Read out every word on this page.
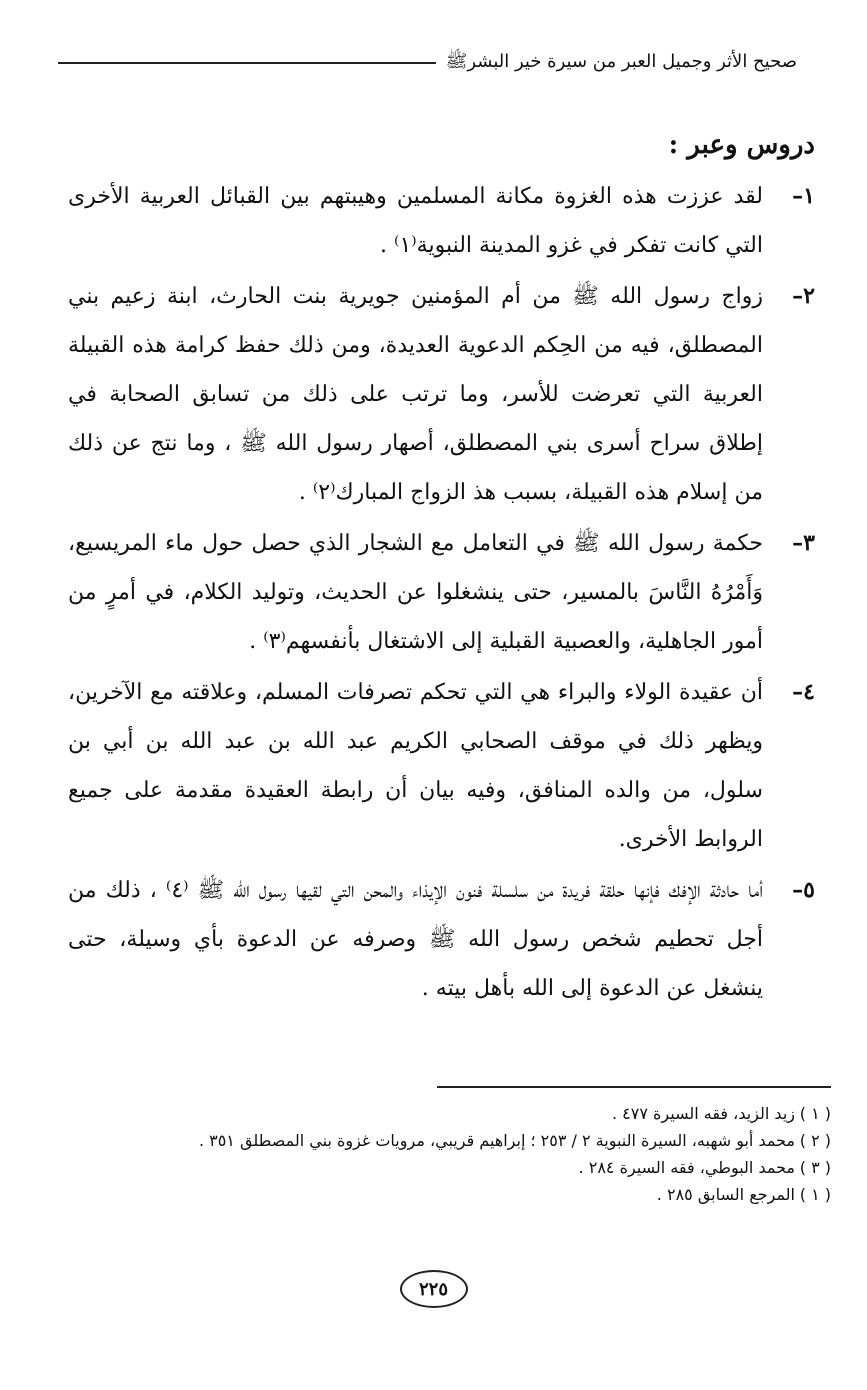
صحيح الأثر وجميل العبر من سيرة خير البشرﷺ
دروس وعبر :
١–
لقد عززت هذه الغزوة مكانة المسلمين وهيبتهم بين القبائل العربية الأخرى التي كانت تفكر في غزو المدينة النبوية⁽١⁾ .
٢–
زواج رسول الله ﷺ من أم المؤمنين جويرية بنت الحارث، ابنة زعيم بني المصطلق، فيه من الحِكم الدعوية العديدة، ومن ذلك حفظ كرامة هذه القبيلة العربية التي تعرضت للأسر، وما ترتب على ذلك من تسابق الصحابة في إطلاق سراح أسرى بني المصطلق، أصهار رسول الله ﷺ ، وما نتج عن ذلك من إسلام هذه القبيلة، بسبب هذ الزواج المبارك⁽٢⁾ .
٣–
حكمة رسول الله ﷺ في التعامل مع الشجار الذي حصل حول ماء المريسيع، وَأَمْرُهُ النَّاسَ بالمسير، حتى ينشغلوا عن الحديث، وتوليد الكلام، في أمرٍ من أمور الجاهلية، والعصبية القبلية إلى الاشتغال بأنفسهم⁽٣⁾ .
٤–
أن عقيدة الولاء والبراء هي التي تحكم تصرفات المسلم، وعلاقته مع الآخرين، ويظهر ذلك في موقف الصحابي الكريم عبد الله بن عبد الله بن أبي بن سلول، من والده المنافق، وفيه بيان أن رابطة العقيدة مقدمة على جميع الروابط الأخرى.
٥–
أما حادثة الإفك فإنها حلقة فريدة من سلسلة فنون الإيذاء والمحن التي لقيها رسول الله ﷺ ⁽٤⁾ ، ذلك من أجل تحطيم شخص رسول الله ﷺ وصرفه عن الدعوة بأي وسيلة، حتى ينشغل عن الدعوة إلى الله بأهل بيته .
( ١ )
زيد الزيد، فقه السيرة ٤٧٧ .
( ٢ )
محمد أبو شهبه، السيرة النبوية ٢ / ٢٥٣ ؛ إبراهيم قريبي، مرويات غزوة بني المصطلق ٣٥١ .
( ٣ )
محمد البوطي، فقه السيرة ٢٨٤ .
( ١ )
المرجع السابق ٢٨٥ .
٢٢٥
